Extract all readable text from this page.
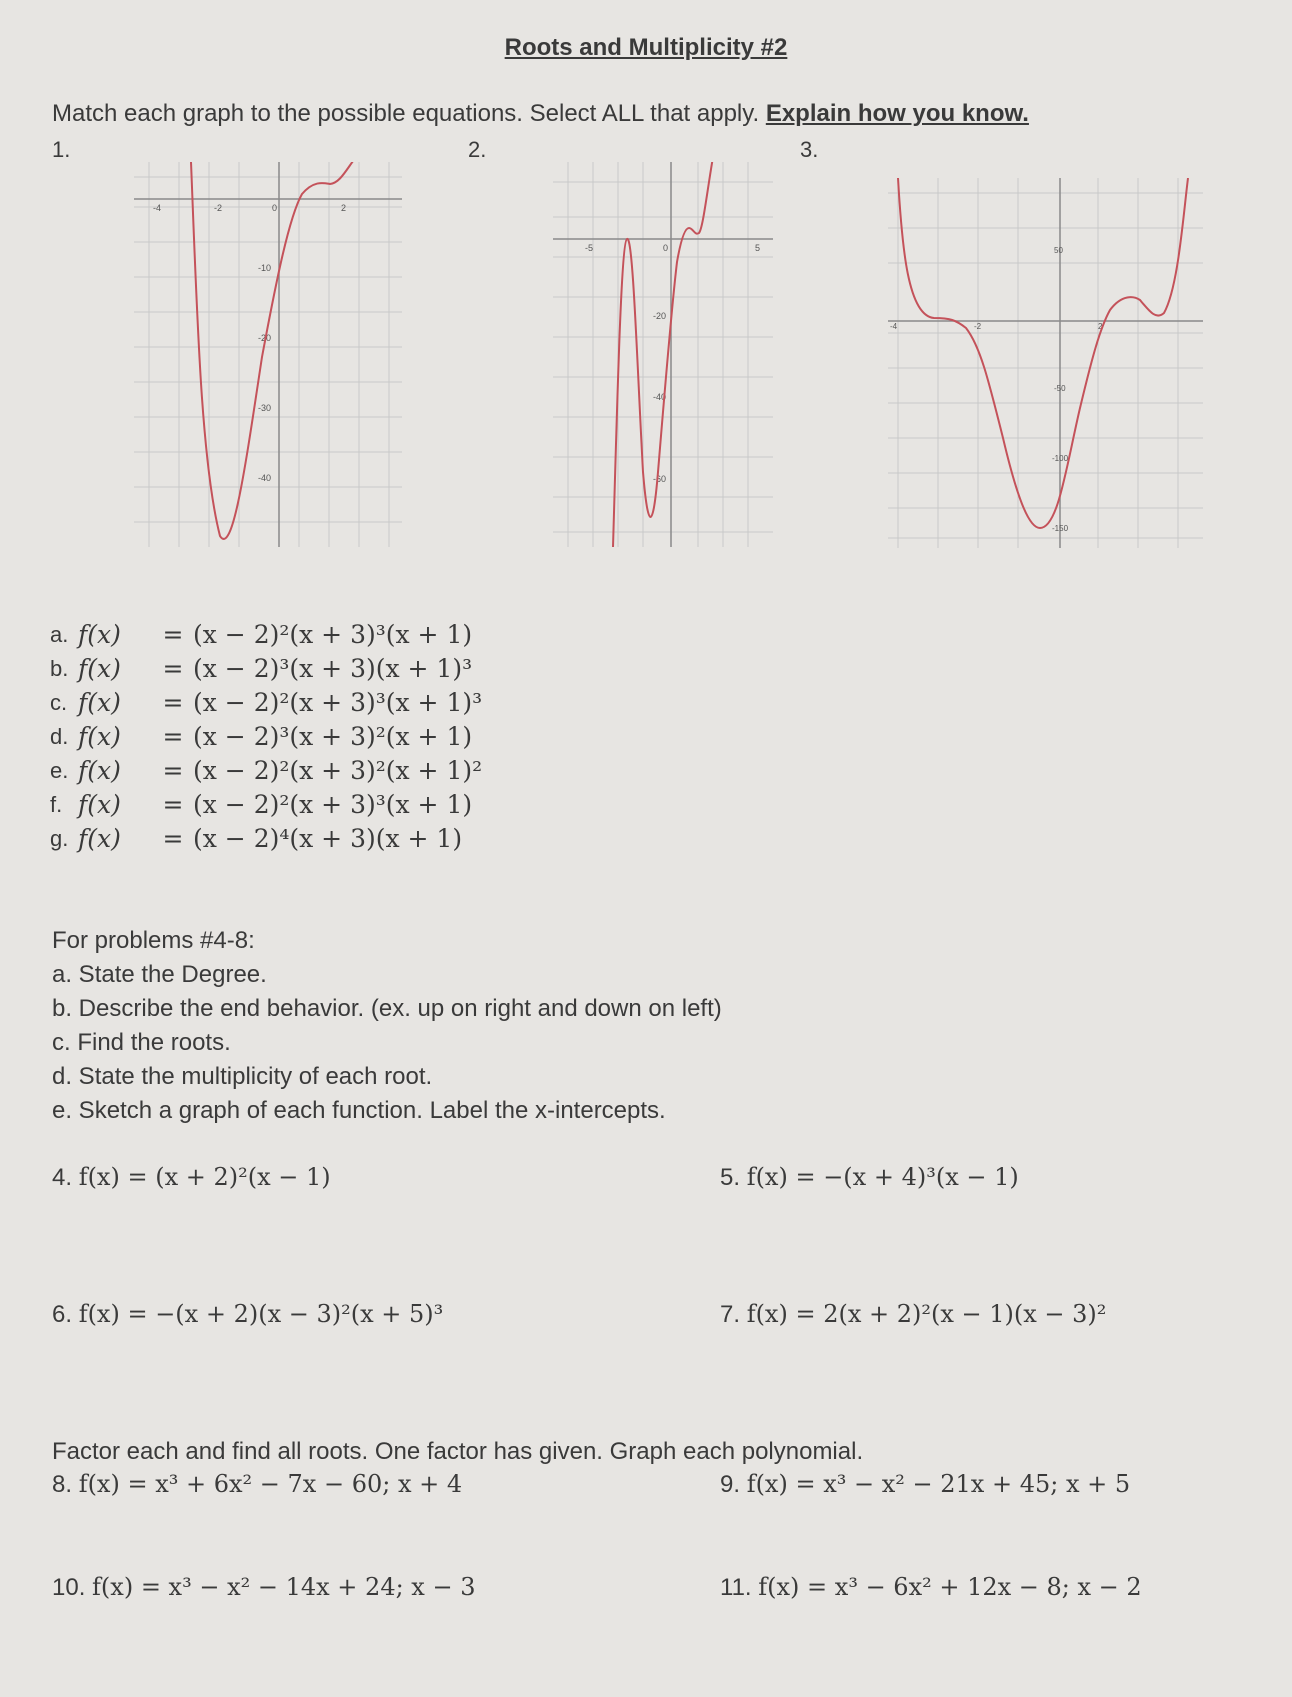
Roots and Multiplicity #2
Match each graph to the possible equations. Select ALL that apply. Explain how you know.
1.	2.	3.
-4	-2	0	2
-10
-20
-30
-40
-5	0	5
-20
-40
-60
-4	-2	2
50
-50
-100
-150
a. f(x)	= (x − 2)²(x + 3)³(x + 1)
b. f(x)	= (x − 2)³(x + 3)(x + 1)³
c. f(x)	= (x − 2)²(x + 3)³(x + 1)³
d. f(x)	= (x − 2)³(x + 3)²(x + 1)
e. f(x)	= (x − 2)²(x + 3)²(x + 1)²
f. f(x)	= (x − 2)²(x + 3)³(x + 1)
g. f(x)	= (x − 2)⁴(x + 3)(x + 1)
For problems #4-8:
a. State the Degree.
b. Describe the end behavior. (ex. up on right and down on left)
c. Find the roots.
d. State the multiplicity of each root.
e. Sketch a graph of each function. Label the x-intercepts.
4. f(x) = (x + 2)²(x − 1)	5. f(x) = −(x + 4)³(x − 1)
6. f(x) = −(x + 2)(x − 3)²(x + 5)³	7. f(x) = 2(x + 2)²(x − 1)(x − 3)²
Factor each and find all roots. One factor has given. Graph each polynomial.
8. f(x) = x³ + 6x² − 7x − 60; x + 4	9. f(x) = x³ − x² − 21x + 45; x + 5
10. f(x) = x³ − x² − 14x + 24; x − 3	11. f(x) = x³ − 6x² + 12x − 8; x − 2
